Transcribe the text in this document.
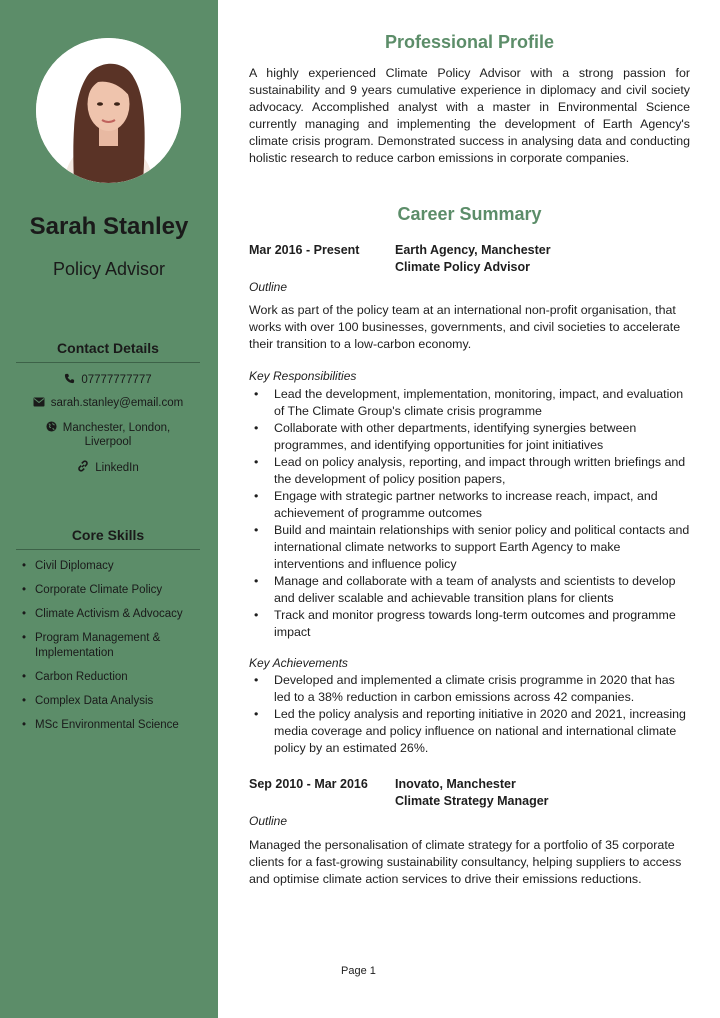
Sarah Stanley
Policy Advisor
Contact Details
07777777777
sarah.stanley@email.com
Manchester, London,
Liverpool
LinkedIn
Core Skills
• Civil Diplomacy
• Corporate Climate Policy
• Climate Activism & Advocacy
• Program Management & Implementation
• Carbon Reduction
• Complex Data Analysis
• MSc Environmental Science
Professional Profile

A highly experienced Climate Policy Advisor with a strong passion for sustainability and 9 years cumulative experience in diplomacy and civil society advocacy. Accomplished analyst with a master in Environmental Science currently managing and implementing the development of Earth Agency's climate crisis program. Demonstrated success in analysing data and conducting holistic research to reduce carbon emissions in corporate companies.

Career Summary
Mar 2016 - Present	Earth Agency, Manchester
Climate Policy Advisor
Outline

Work as part of the policy team at an international non-profit organisation, that works with over 100 businesses, governments, and civil societies to accelerate their transition to a low-carbon economy.

Key Responsibilities
• Lead the development, implementation, monitoring, impact, and evaluation of The Climate Group's climate crisis programme
• Collaborate with other departments, identifying synergies between programmes, and identifying opportunities for joint initiatives
• Lead on policy analysis, reporting, and impact through written briefings and the development of policy position papers,
• Engage with strategic partner networks to increase reach, impact, and achievement of programme outcomes
• Build and maintain relationships with senior policy and political contacts and international climate networks to support Earth Agency to make interventions and influence policy
• Manage and collaborate with a team of analysts and scientists to develop and deliver scalable and achievable transition plans for clients
• Track and monitor progress towards long-term outcomes and programme impact
Key Achievements
• Developed and implemented a climate crisis programme in 2020 that has led to a 38% reduction in carbon emissions across 42 companies.
• Led the policy analysis and reporting initiative in 2020 and 2021, increasing media coverage and policy influence on national and international climate policy by an estimated 26%.
Sep 2010 - Mar 2016 Inovato, Manchester
Climate Strategy Manager
Outline

Managed the personalisation of climate strategy for a portfolio of 35 corporate clients for a fast-growing sustainability consultancy, helping suppliers to access and optimise climate action services to drive their emissions reductions.

Page 1
